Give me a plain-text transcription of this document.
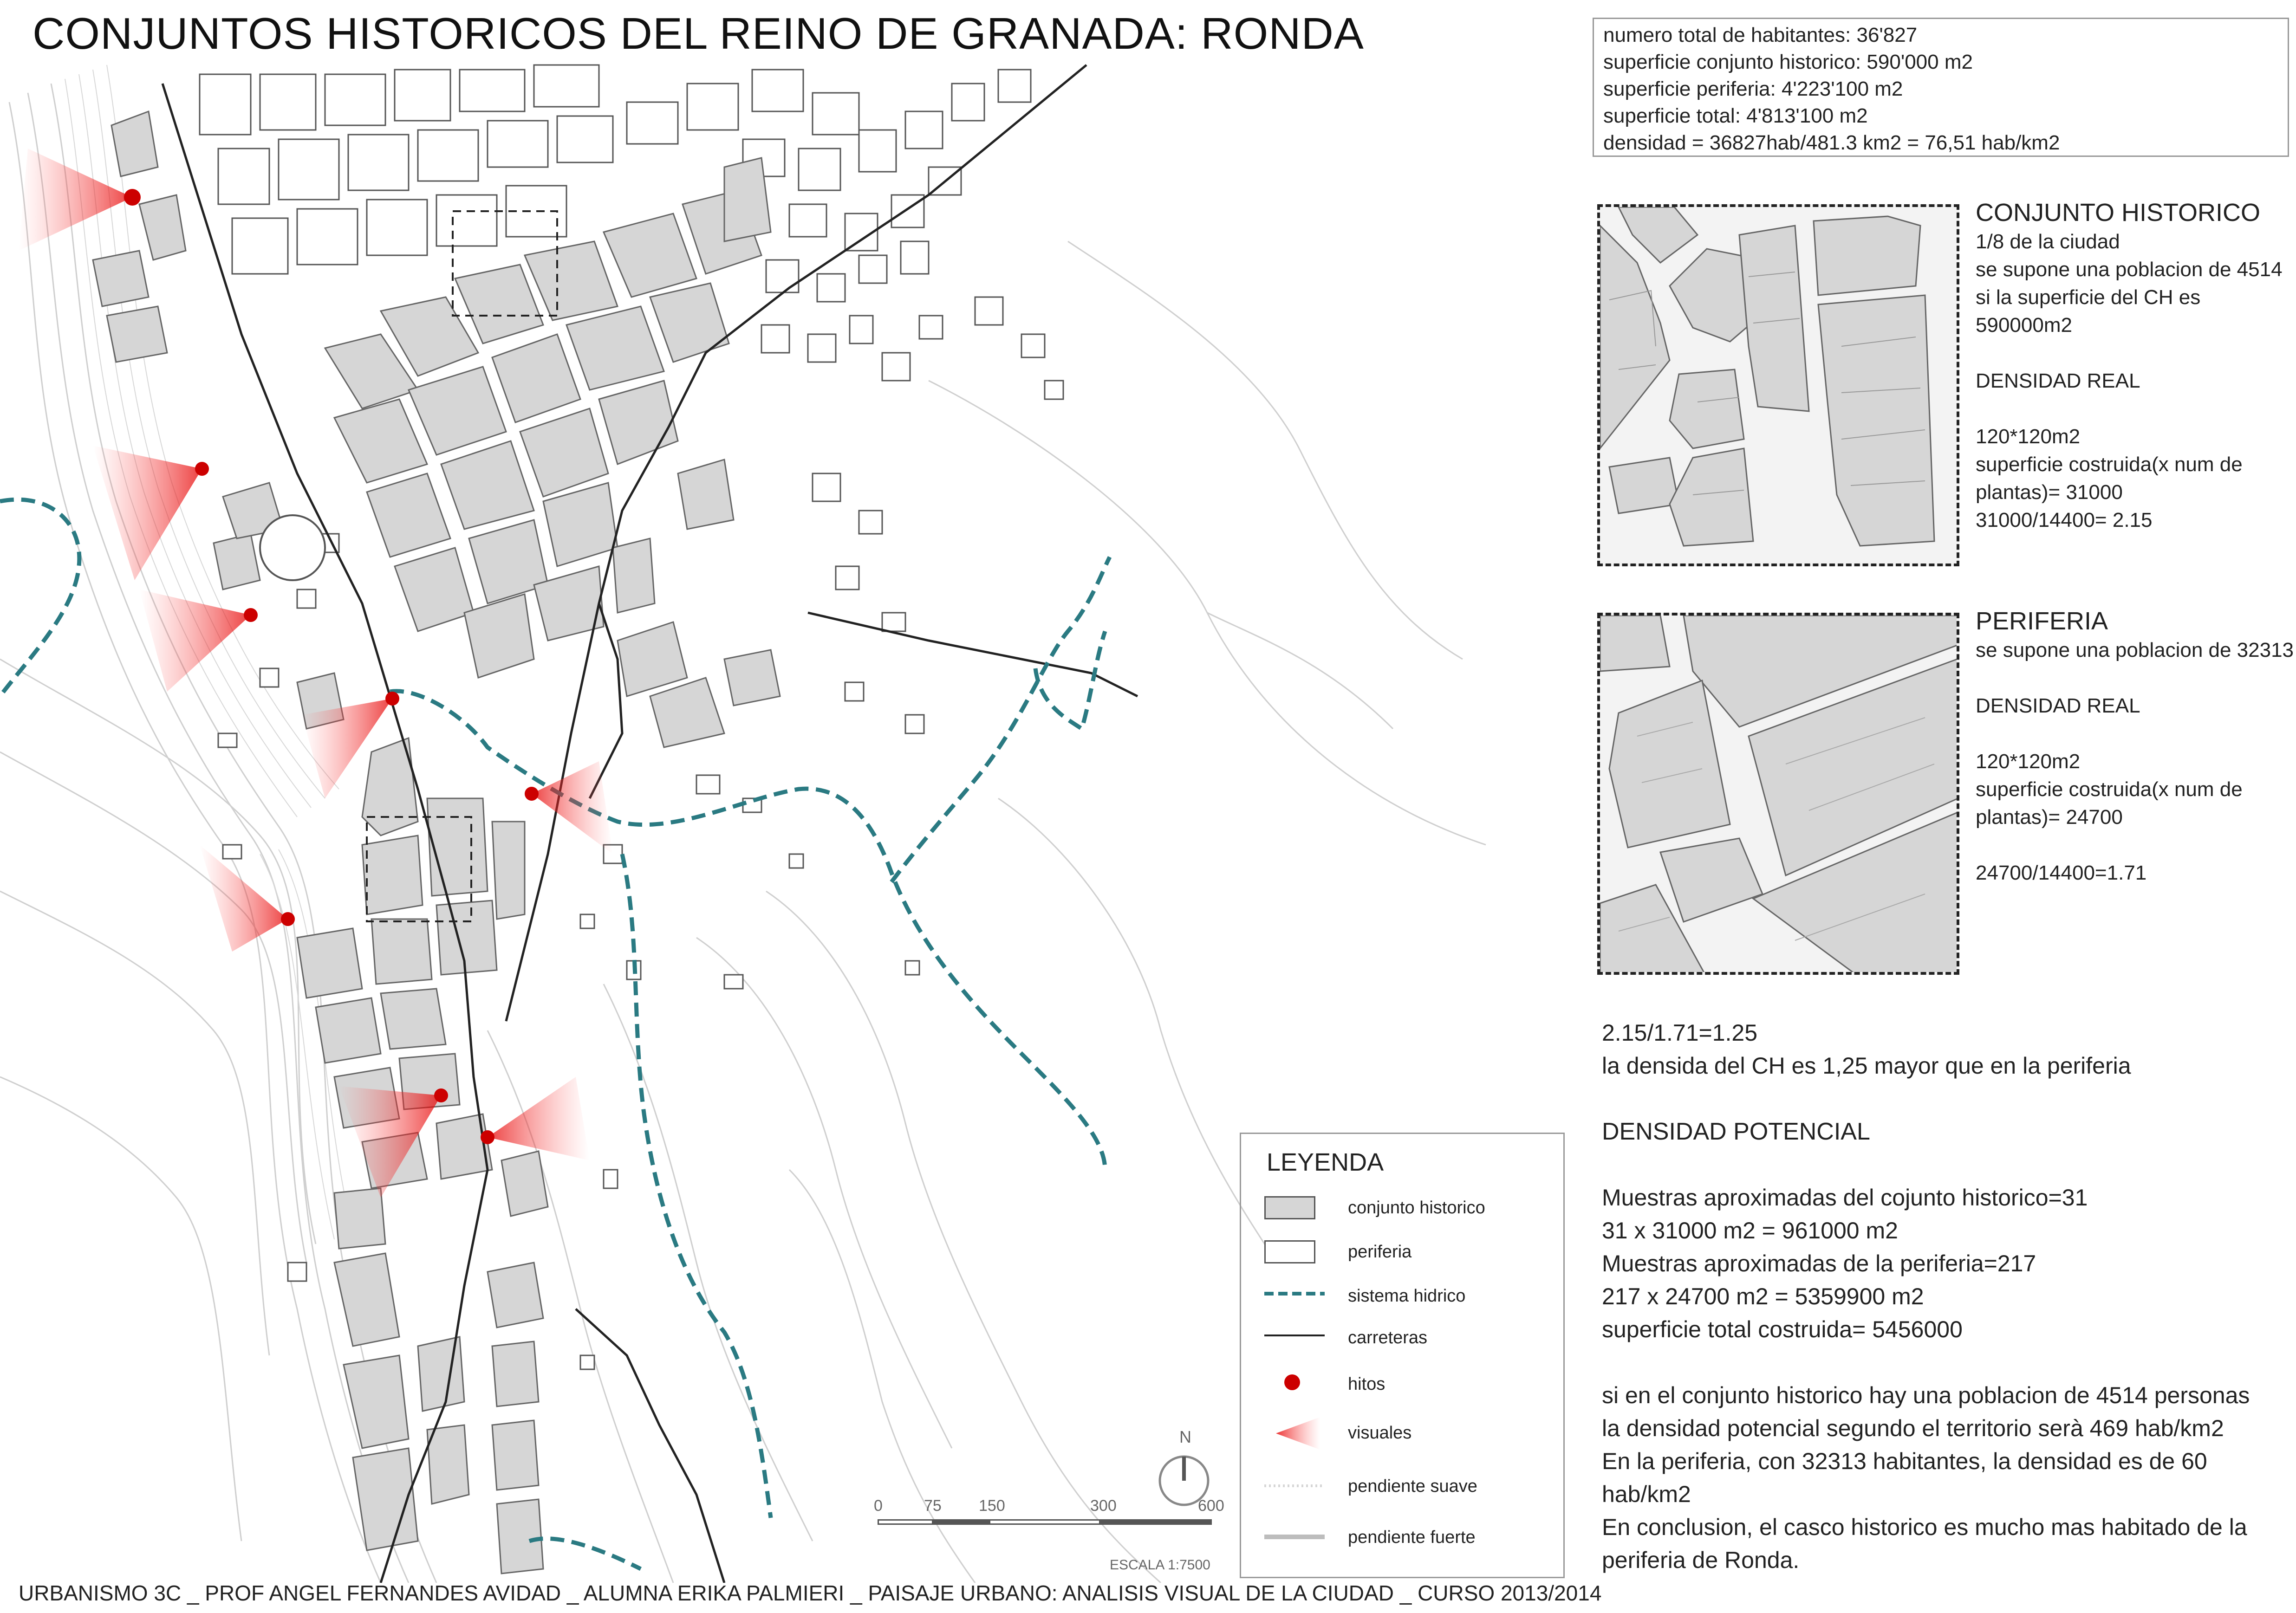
CONJUNTOS HISTORICOS DEL REINO DE GRANADA: RONDA	numero total de habitantes: 36'827
superficie conjunto historico: 590'000 m2
superficie periferia: 4'223'100 m2
superficie total: 4'813'100 m2
densidad = 36827hab/481.3 km2 = 76,51 hab/km2
CONJUNTO HISTORICO
1/8 de la ciudad
se supone una poblacion de 4514
si la superficie del CH es
590000m2
DENSIDAD REAL
120*120m2
superficie costruida(x num de
plantas)= 31000
31000/14400= 2.15
PERIFERIA
se supone una poblacion de 32313
DENSIDAD REAL
120*120m2
superficie costruida(x num de
plantas)= 24700
24700/14400=1.71
2.15/1.71=1.25
la densida del CH es 1,25 mayor que en la periferia
DENSIDAD POTENCIAL
Muestras aproximadas del cojunto historico=31
31 x 31000 m2 = 961000 m2
Muestras aproximadas de la periferia=217
217 x 24700 m2 = 5359900 m2
superficie total costruida= 5456000
si en el conjunto historico hay una poblacion de 4514 personas
la densidad potencial segundo el territorio serà 469 hab/km2
En la periferia, con 32313 habitantes, la densidad es de 60
hab/km2
En conclusion, el casco historico es mucho mas habitado de la
periferia de Ronda.
LEYENDA
conjunto historico
periferia
sistema hidrico
carreteras
hitos
visuales
pendiente suave
pendiente fuerte
N
0	75 150	300	600
ESCALA 1:7500
URBANISMO 3C _ PROF ANGEL FERNANDES AVIDAD _ ALUMNA ERIKA PALMIERI _ PAISAJE URBANO: ANALISIS VISUAL DE LA CIUDAD _ CURSO 2013/2014
